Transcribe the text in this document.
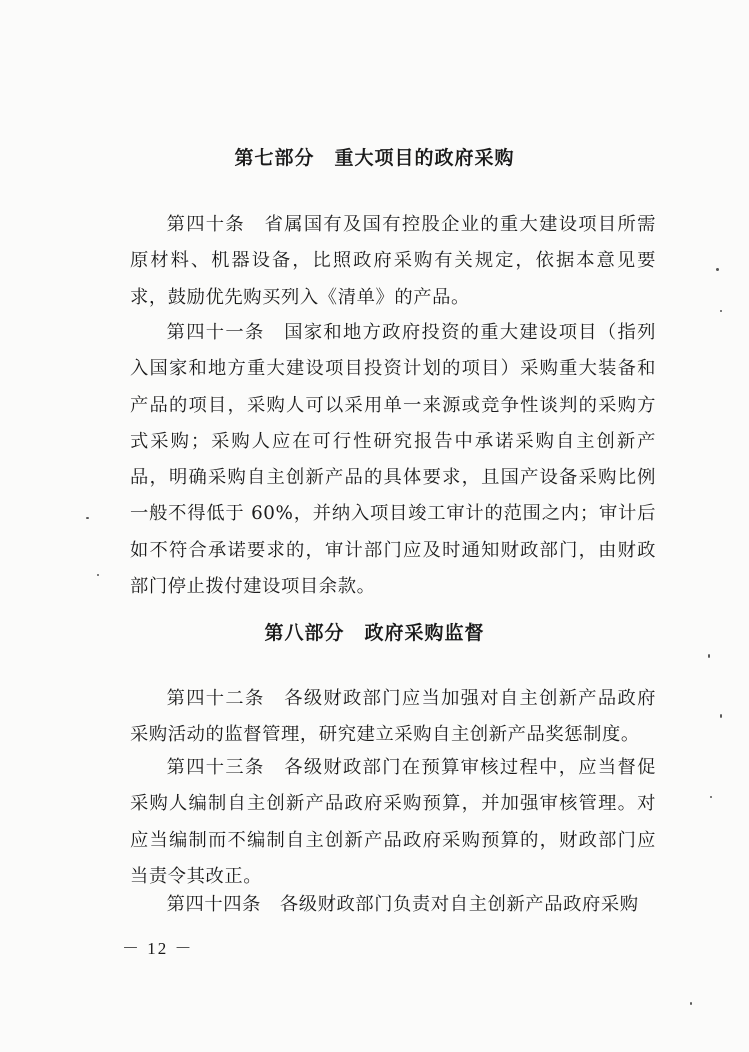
第七部分　重大项目的政府采购
第四十条　省属国有及国有控股企业的重大建设项目所需原材料、机器设备，比照政府采购有关规定，依据本意见要求，鼓励优先购买列入《清单》的产品。
第四十一条　国家和地方政府投资的重大建设项目（指列入国家和地方重大建设项目投资计划的项目）采购重大装备和产品的项目，采购人可以采用单一来源或竞争性谈判的采购方式采购；采购人应在可行性研究报告中承诺采购自主创新产品，明确采购自主创新产品的具体要求，且国产设备采购比例一般不得低于 60%，并纳入项目竣工审计的范围之内；审计后如不符合承诺要求的，审计部门应及时通知财政部门，由财政部门停止拨付建设项目余款。
第八部分　政府采购监督
第四十二条　各级财政部门应当加强对自主创新产品政府采购活动的监督管理，研究建立采购自主创新产品奖惩制度。
第四十三条　各级财政部门在预算审核过程中，应当督促采购人编制自主创新产品政府采购预算，并加强审核管理。对应当编制而不编制自主创新产品政府采购预算的，财政部门应当责令其改正。
第四十四条　各级财政部门负责对自主创新产品政府采购
－ 12 －
